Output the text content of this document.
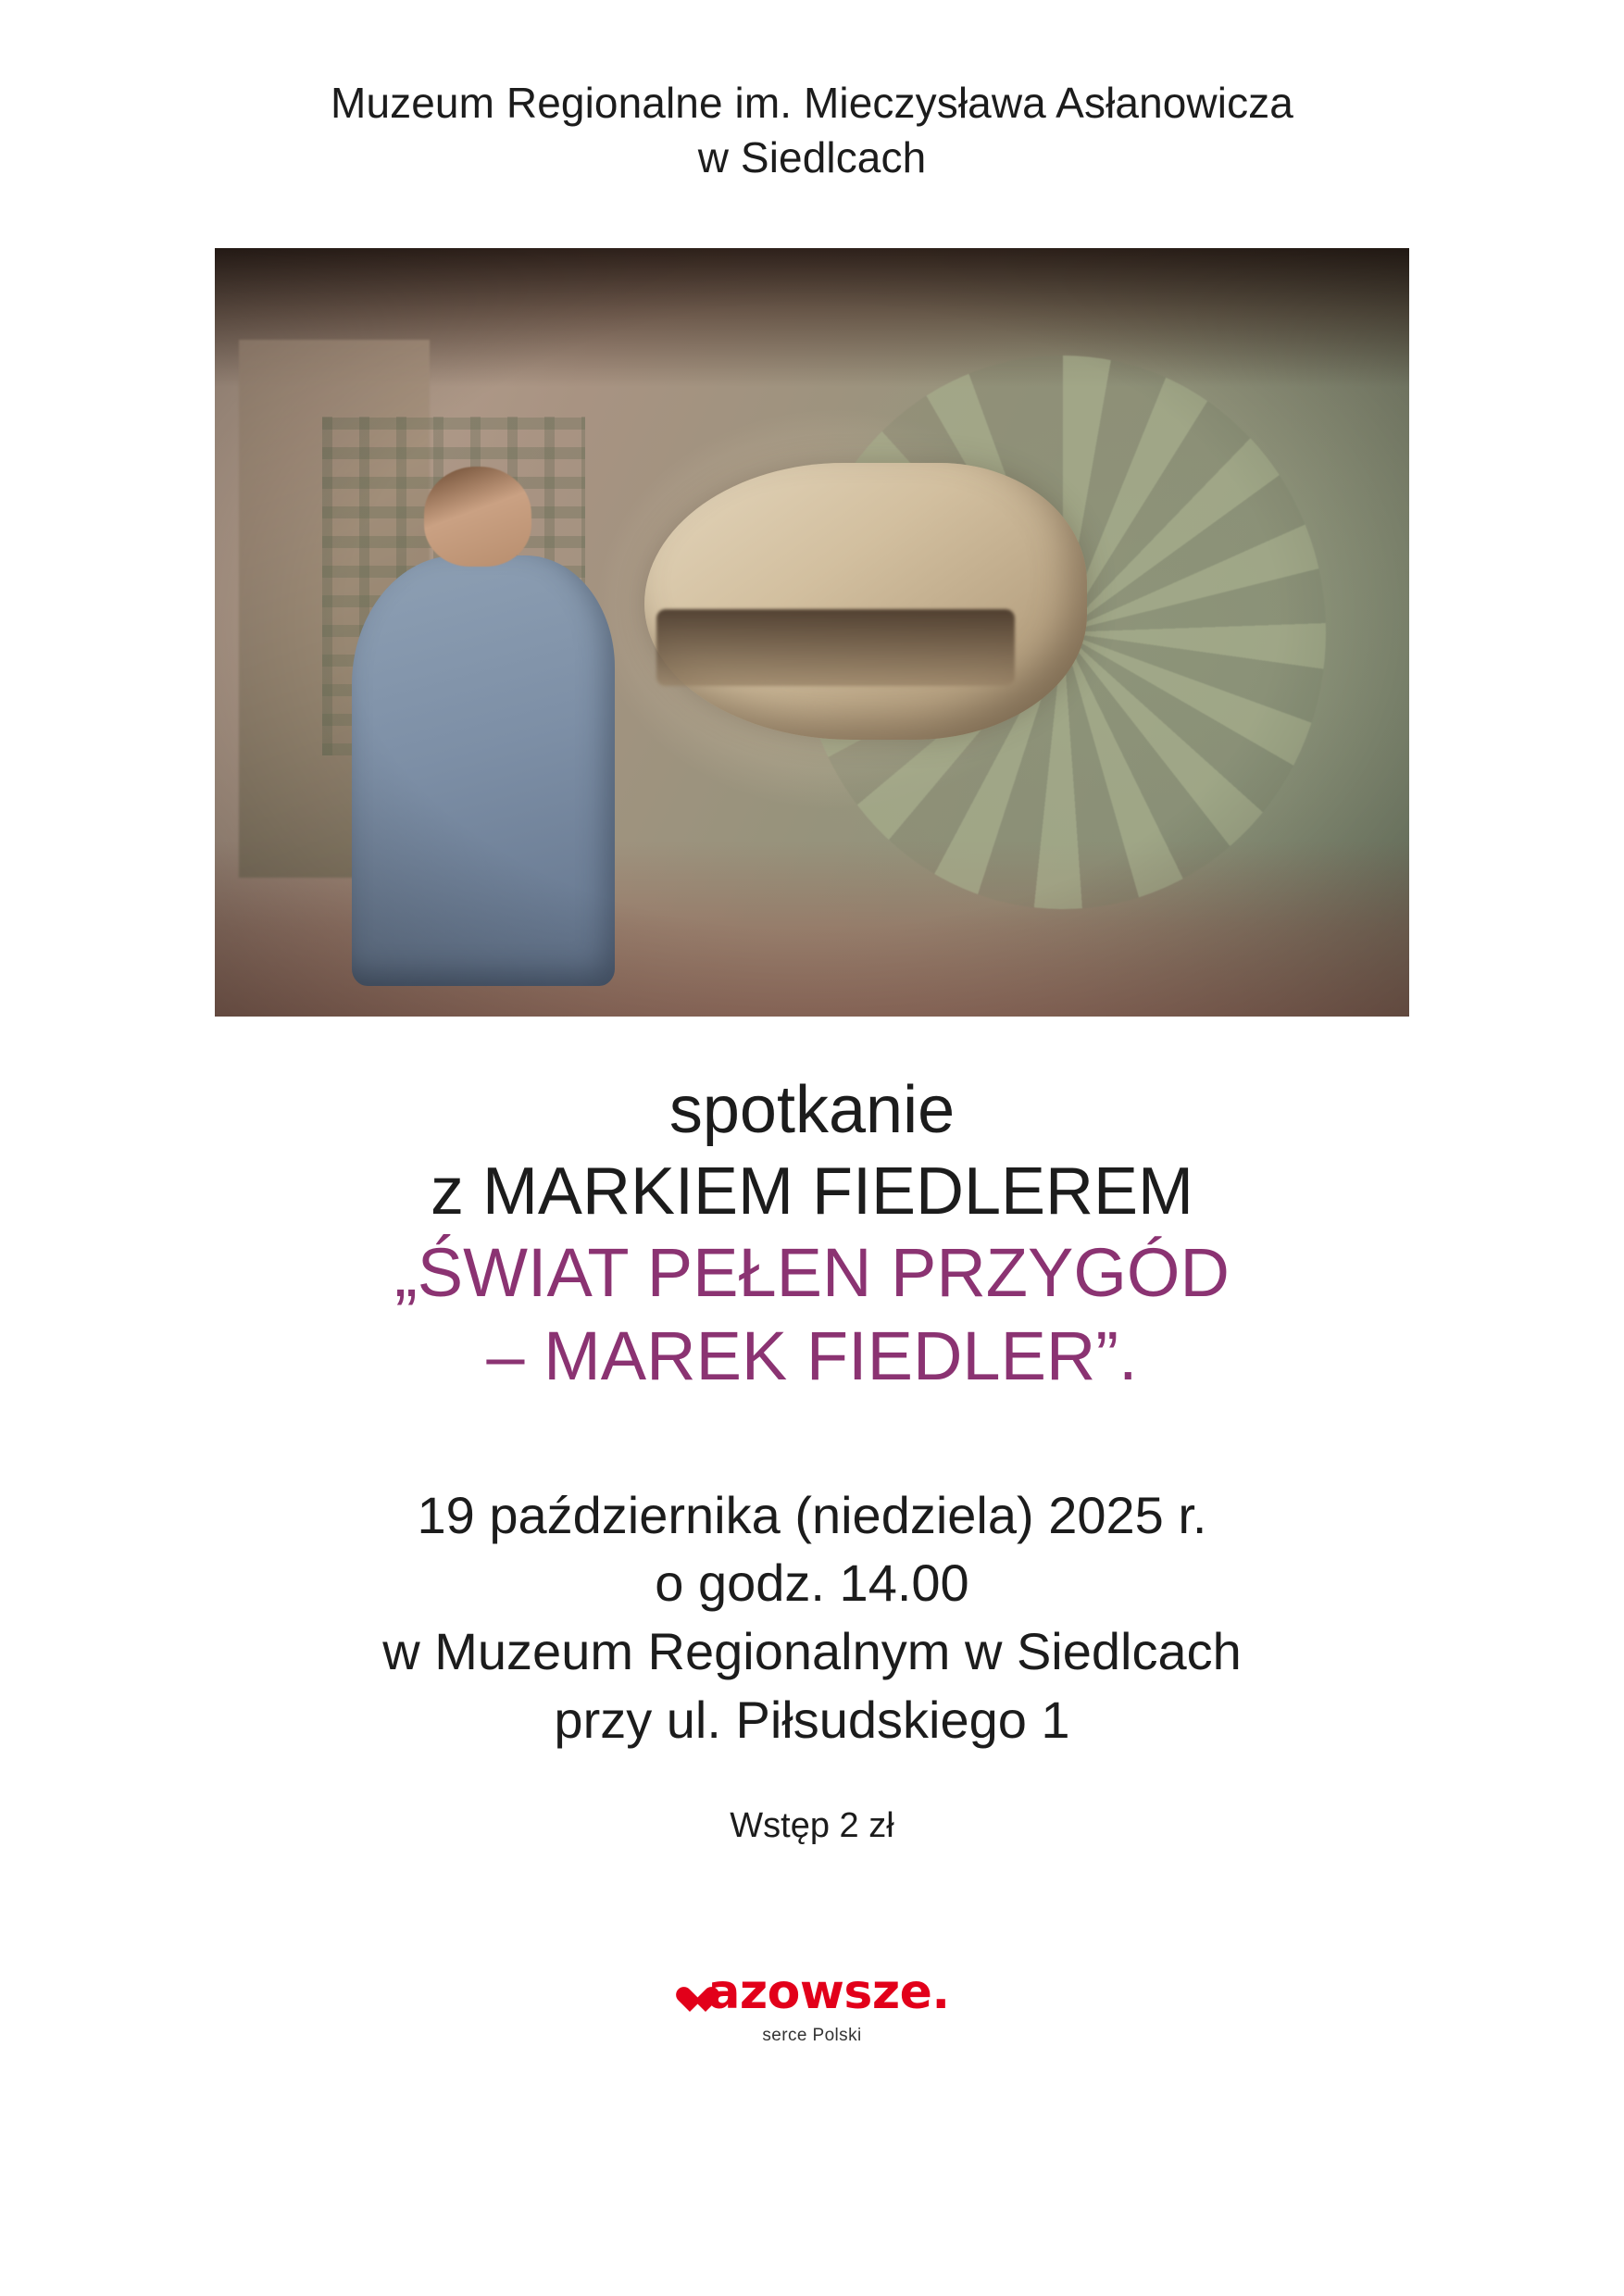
Muzeum Regionalne im. Mieczysława Asłanowicza
w Siedlcach
spotkanie
z MARKIEM FIEDLEREM
„ŚWIAT PEŁEN PRZYGÓD
– MAREK FIEDLER”.
19 października (niedziela) 2025 r.
o godz. 14.00
w Muzeum Regionalnym w Siedlcach
przy ul. Piłsudskiego 1
Wstęp 2 zł
azowsze.
serce Polski
